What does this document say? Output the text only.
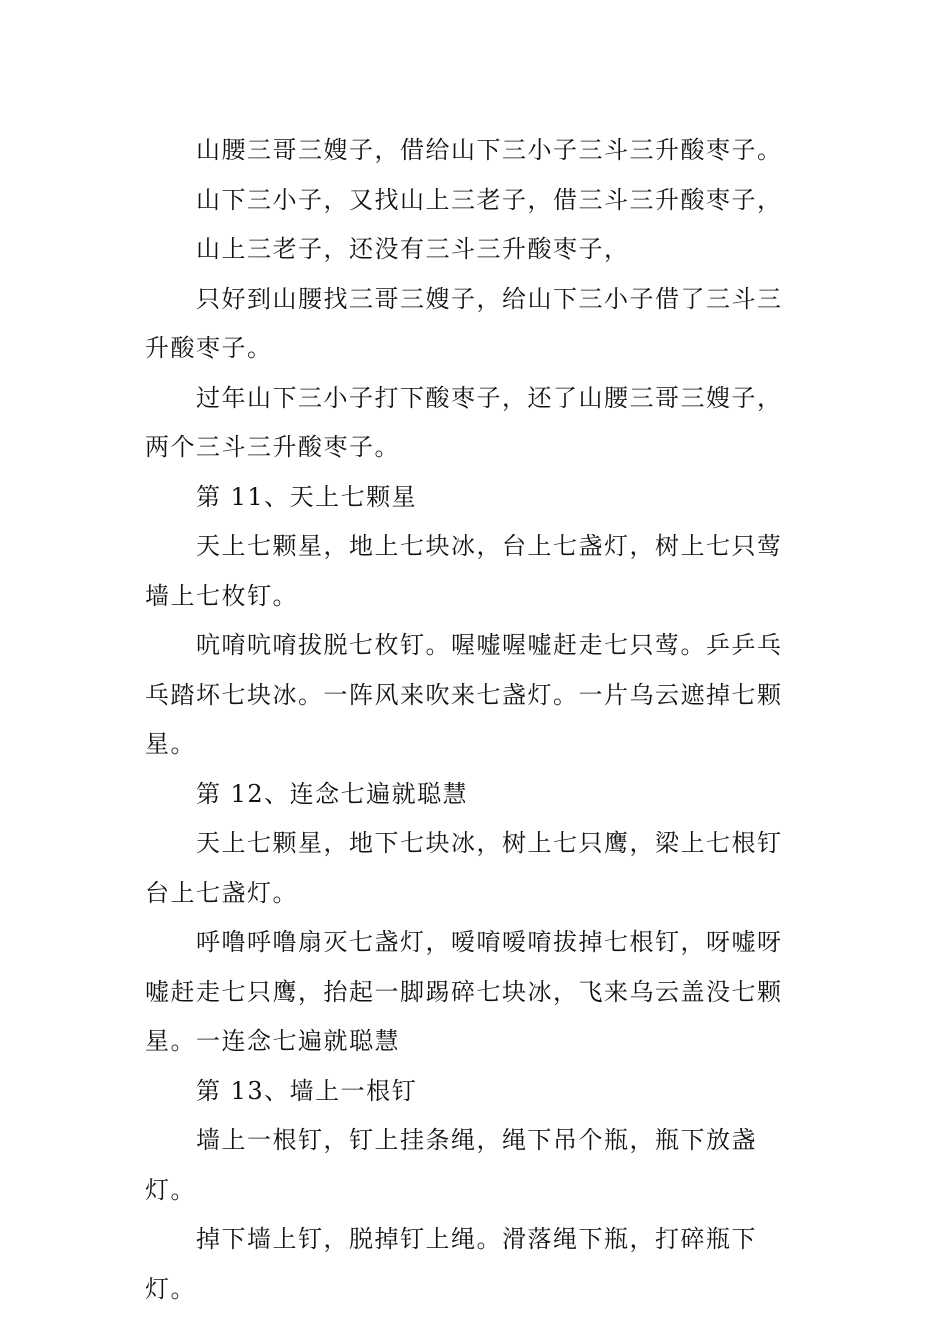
山腰三哥三嫂子，借给山下三小子三斗三升酸枣子。

山下三小子，又找山上三老子，借三斗三升酸枣子，

山上三老子，还没有三斗三升酸枣子，

只好到山腰找三哥三嫂子，给山下三小子借了三斗三升酸枣子。

过年山下三小子打下酸枣子，还了山腰三哥三嫂子，两个三斗三升酸枣子。

第 11、天上七颗星

天上七颗星，地上七块冰，台上七盏灯，树上七只莺墙上七枚钉。

吭唷吭唷拔脱七枚钉。喔嘘喔嘘赶走七只莺。乒乒乓乓踏坏七块冰。一阵风来吹来七盏灯。一片乌云遮掉七颗星。

第 12、连念七遍就聪慧

天上七颗星，地下七块冰，树上七只鹰，梁上七根钉台上七盏灯。

呼噜呼噜扇灭七盏灯，嗳唷嗳唷拔掉七根钉，呀嘘呀嘘赶走七只鹰，抬起一脚踢碎七块冰，飞来乌云盖没七颗星。一连念七遍就聪慧

第 13、墙上一根钉

墙上一根钉，钉上挂条绳，绳下吊个瓶，瓶下放盏灯。

掉下墙上钉，脱掉钉上绳。滑落绳下瓶，打碎瓶下灯。
